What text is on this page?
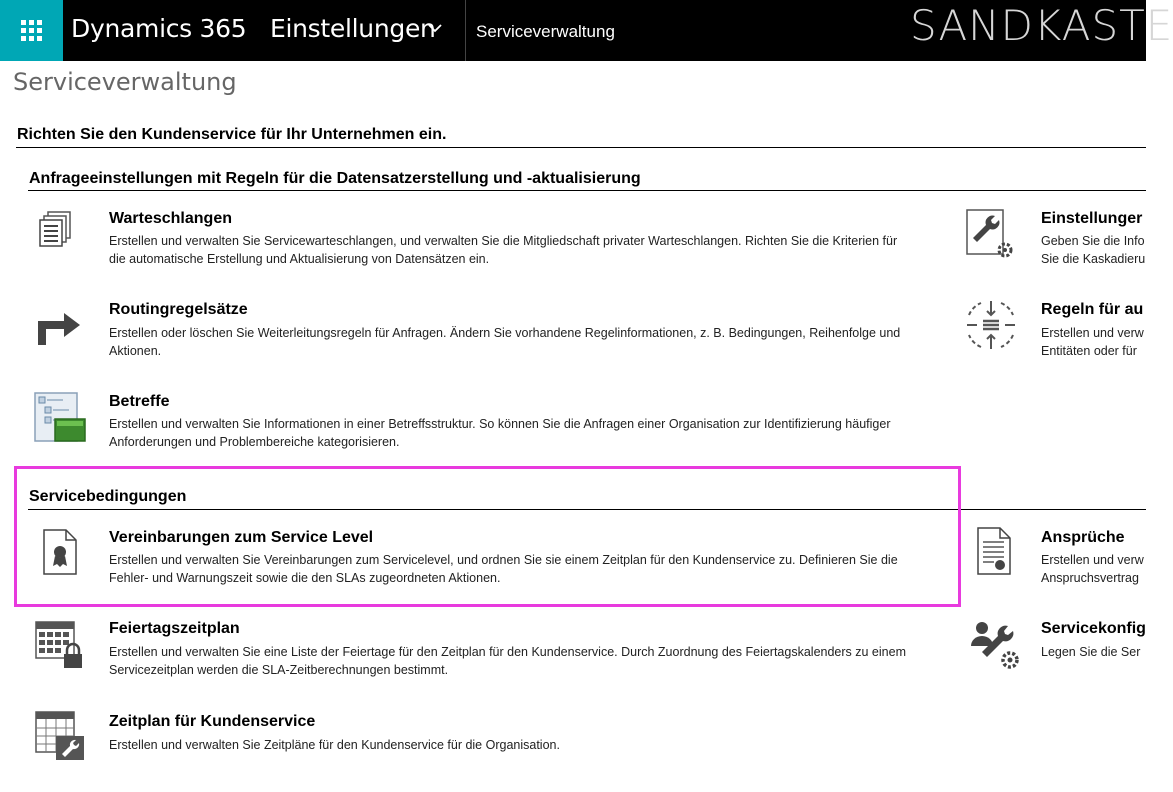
Dynamics 365 Einstellungen Serviceverwaltung	SANDKASTE
Serviceverwaltung
Richten Sie den Kundenservice für Ihr Unternehmen ein.
Anfrageeinstellungen mit Regeln für die Datensatzerstellung und -aktualisierung
Warteschlangen
Erstellen und verwalten Sie Servicewarteschlangen, und verwalten Sie die Mitgliedschaft privater Warteschlangen. Richten Sie die Kriterien für die automatische Erstellung und Aktualisierung von Datensätzen ein.
Routingregelsätze
Erstellen oder löschen Sie Weiterleitungsregeln für Anfragen. Ändern Sie vorhandene Regelinformationen, z. B. Bedingungen, Reihenfolge und Aktionen.
Betreffe
Erstellen und verwalten Sie Informationen in einer Betreffsstruktur. So können Sie die Anfragen einer Organisation zur Identifizierung häufiger Anforderungen und Problembereiche kategorisieren.
Einstellunger
Geben Sie die Info
Sie die Kaskadieru
Regeln für au
Erstellen und verw
Entitäten oder für
Servicebedingungen
Vereinbarungen zum Service Level
Erstellen und verwalten Sie Vereinbarungen zum Servicelevel, und ordnen Sie sie einem Zeitplan für den Kundenservice zu. Definieren Sie die Fehler- und Warnungszeit sowie die den SLAs zugeordneten Aktionen.
Feiertagszeitplan
Erstellen und verwalten Sie eine Liste der Feiertage für den Zeitplan für den Kundenservice. Durch Zuordnung des Feiertagskalenders zu einem Servicezeitplan werden die SLA-Zeitberechnungen bestimmt.
Zeitplan für Kundenservice
Erstellen und verwalten Sie Zeitpläne für den Kundenservice für die Organisation.
Ansprüche
Erstellen und verw
Anspruchsvertrag
Servicekonfig
Legen Sie die Ser
